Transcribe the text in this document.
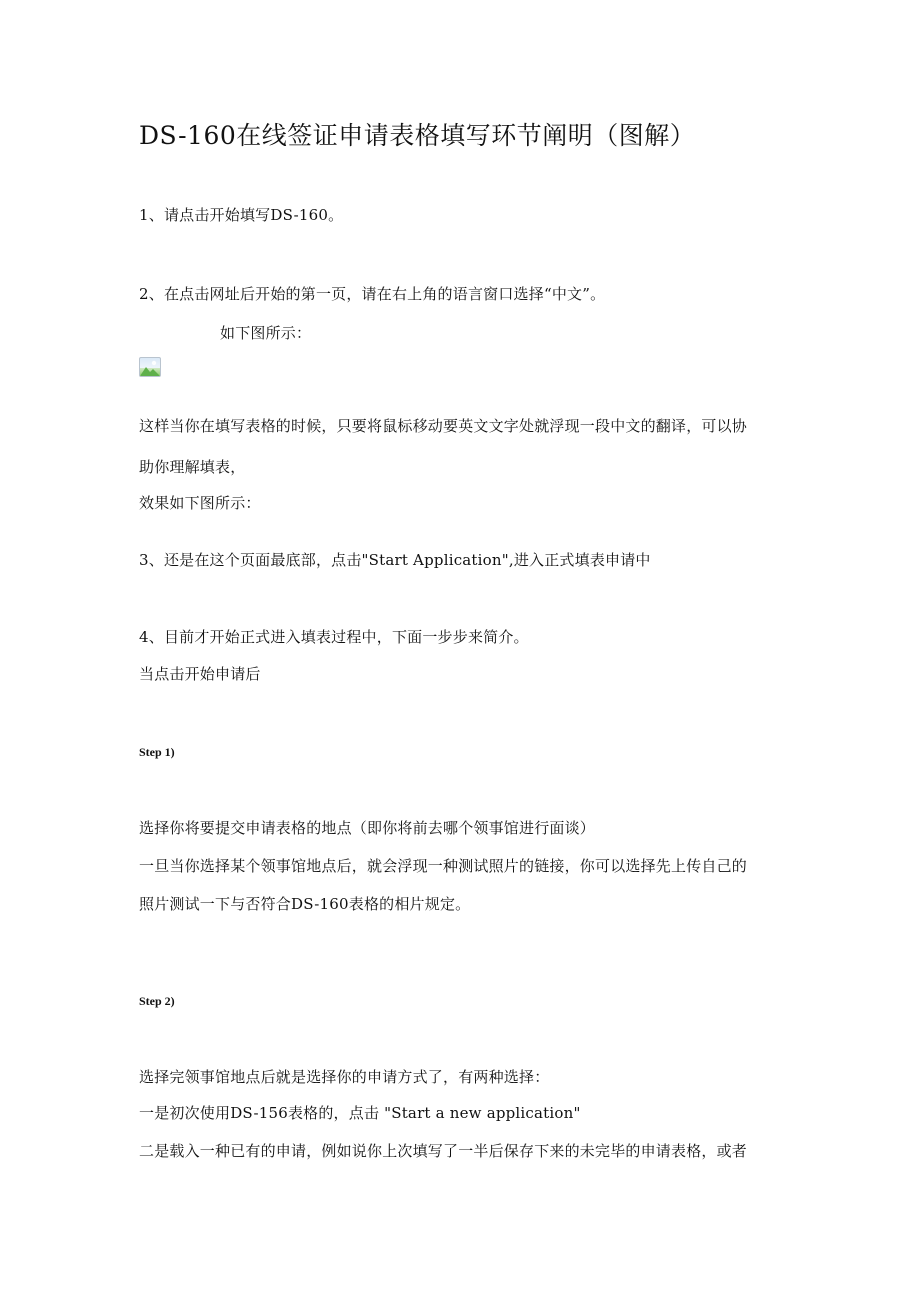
DS-160在线签证申请表格填写环节阐明（图解）
1、请点击开始填写DS-160。
2、在点击网址后开始的第一页，请在右上角的语言窗口选择“中文”。
如下图所示：
这样当你在填写表格的时候，只要将鼠标移动要英文文字处就浮现一段中文的翻译，可以协
助你理解填表，
效果如下图所示：
3、还是在这个页面最底部，点击"Start Application",进入正式填表申请中
4、目前才开始正式进入填表过程中，下面一步步来简介。
当点击开始申请后
Step 1)
选择你将要提交申请表格的地点（即你将前去哪个领事馆进行面谈）
一旦当你选择某个领事馆地点后，就会浮现一种测试照片的链接，你可以选择先上传自己的
照片测试一下与否符合DS-160表格的相片规定。
Step 2)
选择完领事馆地点后就是选择你的申请方式了，有两种选择：
一是初次使用DS-156表格的，点击 "Start a new application"
二是载入一种已有的申请，例如说你上次填写了一半后保存下来的未完毕的申请表格，或者
